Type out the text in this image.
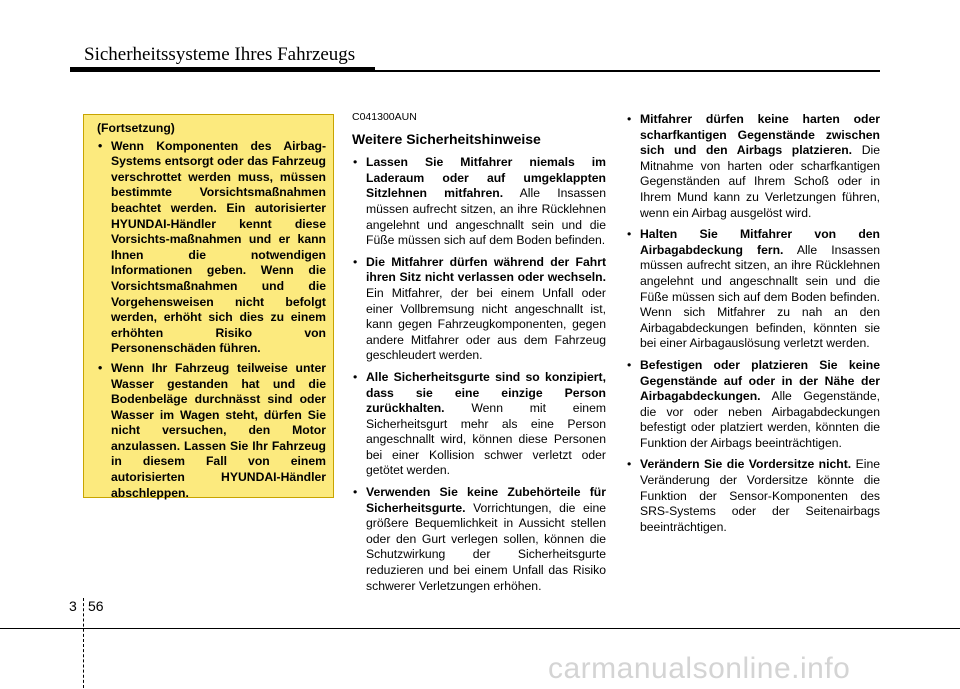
Sicherheitssysteme Ihres Fahrzeugs
(Fortsetzung)
• Wenn Komponenten des Airbag-Systems entsorgt oder das Fahrzeug verschrottet werden muss, müssen bestimmte Vorsichtsmaßnahmen beachtet werden. Ein autorisierter HYUNDAI-Händler kennt diese Vorsichts-maßnahmen und er kann Ihnen die notwendigen Informationen geben. Wenn die Vorsichtsmaßnahmen und die Vorgehensweisen nicht befolgt werden, erhöht sich dies zu einem erhöhten Risiko von Personenschäden führen.
• Wenn Ihr Fahrzeug teilweise unter Wasser gestanden hat und die Bodenbeläge durchnässt sind oder Wasser im Wagen steht, dürfen Sie nicht versuchen, den Motor anzulassen. Lassen Sie Ihr Fahrzeug in diesem Fall von einem autorisierten HYUNDAI-Händler abschleppen.
C041300AUN
Weitere Sicherheitshinweise
• Lassen Sie Mitfahrer niemals im Laderaum oder auf umgeklappten Sitzlehnen mitfahren. Alle Insassen müssen aufrecht sitzen, an ihre Rücklehnen angelehnt und angeschnallt sein und die Füße müssen sich auf dem Boden befinden.
• Die Mitfahrer dürfen während der Fahrt ihren Sitz nicht verlassen oder wechseln. Ein Mitfahrer, der bei einem Unfall oder einer Vollbremsung nicht angeschnallt ist, kann gegen Fahrzeugkomponenten, gegen andere Mitfahrer oder aus dem Fahrzeug geschleudert werden.
• Alle Sicherheitsgurte sind so konzipiert, dass sie eine einzige Person zurückhalten. Wenn mit einem Sicherheitsgurt mehr als eine Person angeschnallt wird, können diese Personen bei einer Kollision schwer verletzt oder getötet werden.
• Verwenden Sie keine Zubehörteile für Sicherheitsgurte. Vorrichtungen, die eine größere Bequemlichkeit in Aussicht stellen oder den Gurt verlegen sollen, können die Schutzwirkung der Sicherheitsgurte reduzieren und bei einem Unfall das Risiko schwerer Verletzungen erhöhen.
• Mitfahrer dürfen keine harten oder scharfkantigen Gegenstände zwischen sich und den Airbags platzieren. Die Mitnahme von harten oder scharfkantigen Gegenständen auf Ihrem Schoß oder in Ihrem Mund kann zu Verletzungen führen, wenn ein Airbag ausgelöst wird.
• Halten Sie Mitfahrer von den Airbagabdeckung fern. Alle Insassen müssen aufrecht sitzen, an ihre Rücklehnen angelehnt und angeschnallt sein und die Füße müssen sich auf dem Boden befinden. Wenn sich Mitfahrer zu nah an den Airbagabdeckungen befinden, könnten sie bei einer Airbagauslösung verletzt werden.
• Befestigen oder platzieren Sie keine Gegenstände auf oder in der Nähe der Airbagabdeckungen. Alle Gegenstände, die vor oder neben Airbagabdeckungen befestigt oder platziert werden, könnten die Funktion der Airbags beeinträchtigen.
• Verändern Sie die Vordersitze nicht. Eine Veränderung der Vordersitze könnte die Funktion der Sensor-Komponenten des SRS-Systems oder der Seitenairbags beeinträchtigen.
3 56
carmanualsonline.info
